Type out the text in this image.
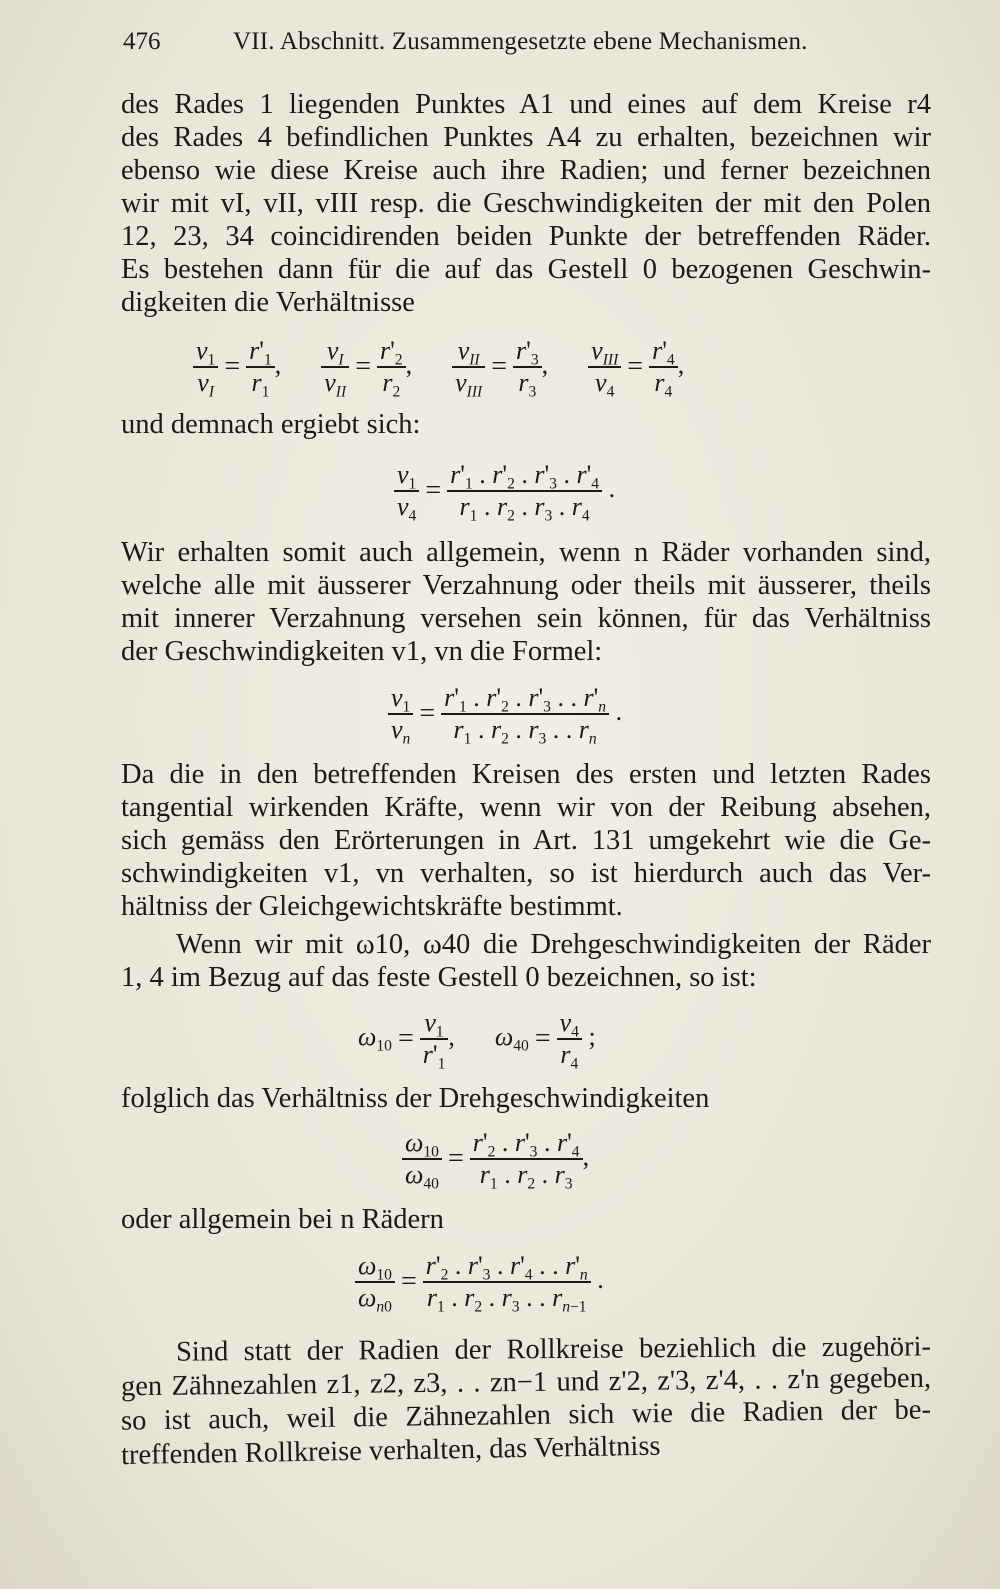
476	VII. Abschnitt. Zusammengesetzte ebene Mechanismen.
des Rades 1 liegenden Punktes A1 und eines auf dem Kreise r4
des Rades 4 befindlichen Punktes A4 zu erhalten, bezeichnen wir
ebenso wie diese Kreise auch ihre Radien; und ferner bezeichnen
wir mit vI, vII, vIII resp. die Geschwindigkeiten der mit den Polen
12, 23, 34 coincidirenden beiden Punkte der betreffenden Räder.
Es bestehen dann für die auf das Gestell 0 bezogenen Geschwin-
digkeiten die Verhältnisse
$\frac{v_1}{v_I} = \frac{r'_1}{r_1}$ , $\frac{v_I}{v_{II}} = \frac{r'_2}{r_2}$ , $\frac{v_{II}}{v_{III}} = \frac{r'_3}{r_3}$ , $\frac{v_{III}}{v_4} = \frac{r'_4}{r_4}$ ,
und demnach ergiebt sich:
$\frac{v_1}{v_4} = \frac{r'_1 . r'_2 . r'_3 . r'_4}{r_1 . r_2 . r_3 . r_4}$ .
Wir erhalten somit auch allgemein, wenn n Räder vorhanden sind,
welche alle mit äusserer Verzahnung oder theils mit äusserer, theils
mit innerer Verzahnung versehen sein können, für das Verhältniss
der Geschwindigkeiten v1, vn die Formel:
$\frac{v_1}{v_n} = \frac{r'_1 . r'_2 . r'_3 . . r'_n}{r_1 . r_2 . r_3 . . r_n}$ .
Da die in den betreffenden Kreisen des ersten und letzten Rades
tangential wirkenden Kräfte, wenn wir von der Reibung absehen,
sich gemäss den Erörterungen in Art. 131 umgekehrt wie die Ge-
schwindigkeiten v1, vn verhalten, so ist hierdurch auch das Ver-
hältniss der Gleichgewichtskräfte bestimmt.
Wenn wir mit ω10, ω40 die Drehgeschwindigkeiten der Räder
1, 4 im Bezug auf das feste Gestell 0 bezeichnen, so ist:
$\omega_{10} = \frac{v_1}{r'_1}$ , $\omega_{40} = \frac{v_4}{r_4}$ ;
folglich das Verhältniss der Drehgeschwindigkeiten
$\frac{\omega_{10}}{\omega_{40}} = \frac{r'_2 . r'_3 . r'_4}{r_1 . r_2 . r_3}$ ,
oder allgemein bei n Rädern
$\frac{\omega_{10}}{\omega_{n0}} = \frac{r'_2 . r'_3 . r'_4 . . r'_n}{r_1 . r_2 . r_3 . . r_{n-1}}$ .
Sind statt der Radien der Rollkreise beziehlich die zugehöri-
gen Zähnezahlen z1, z2, z3, . . zn−1 und z'2, z'3, z'4, . . z'n gegeben,
so ist auch, weil die Zähnezahlen sich wie die Radien der be-
treffenden Rollkreise verhalten, das Verhältniss
